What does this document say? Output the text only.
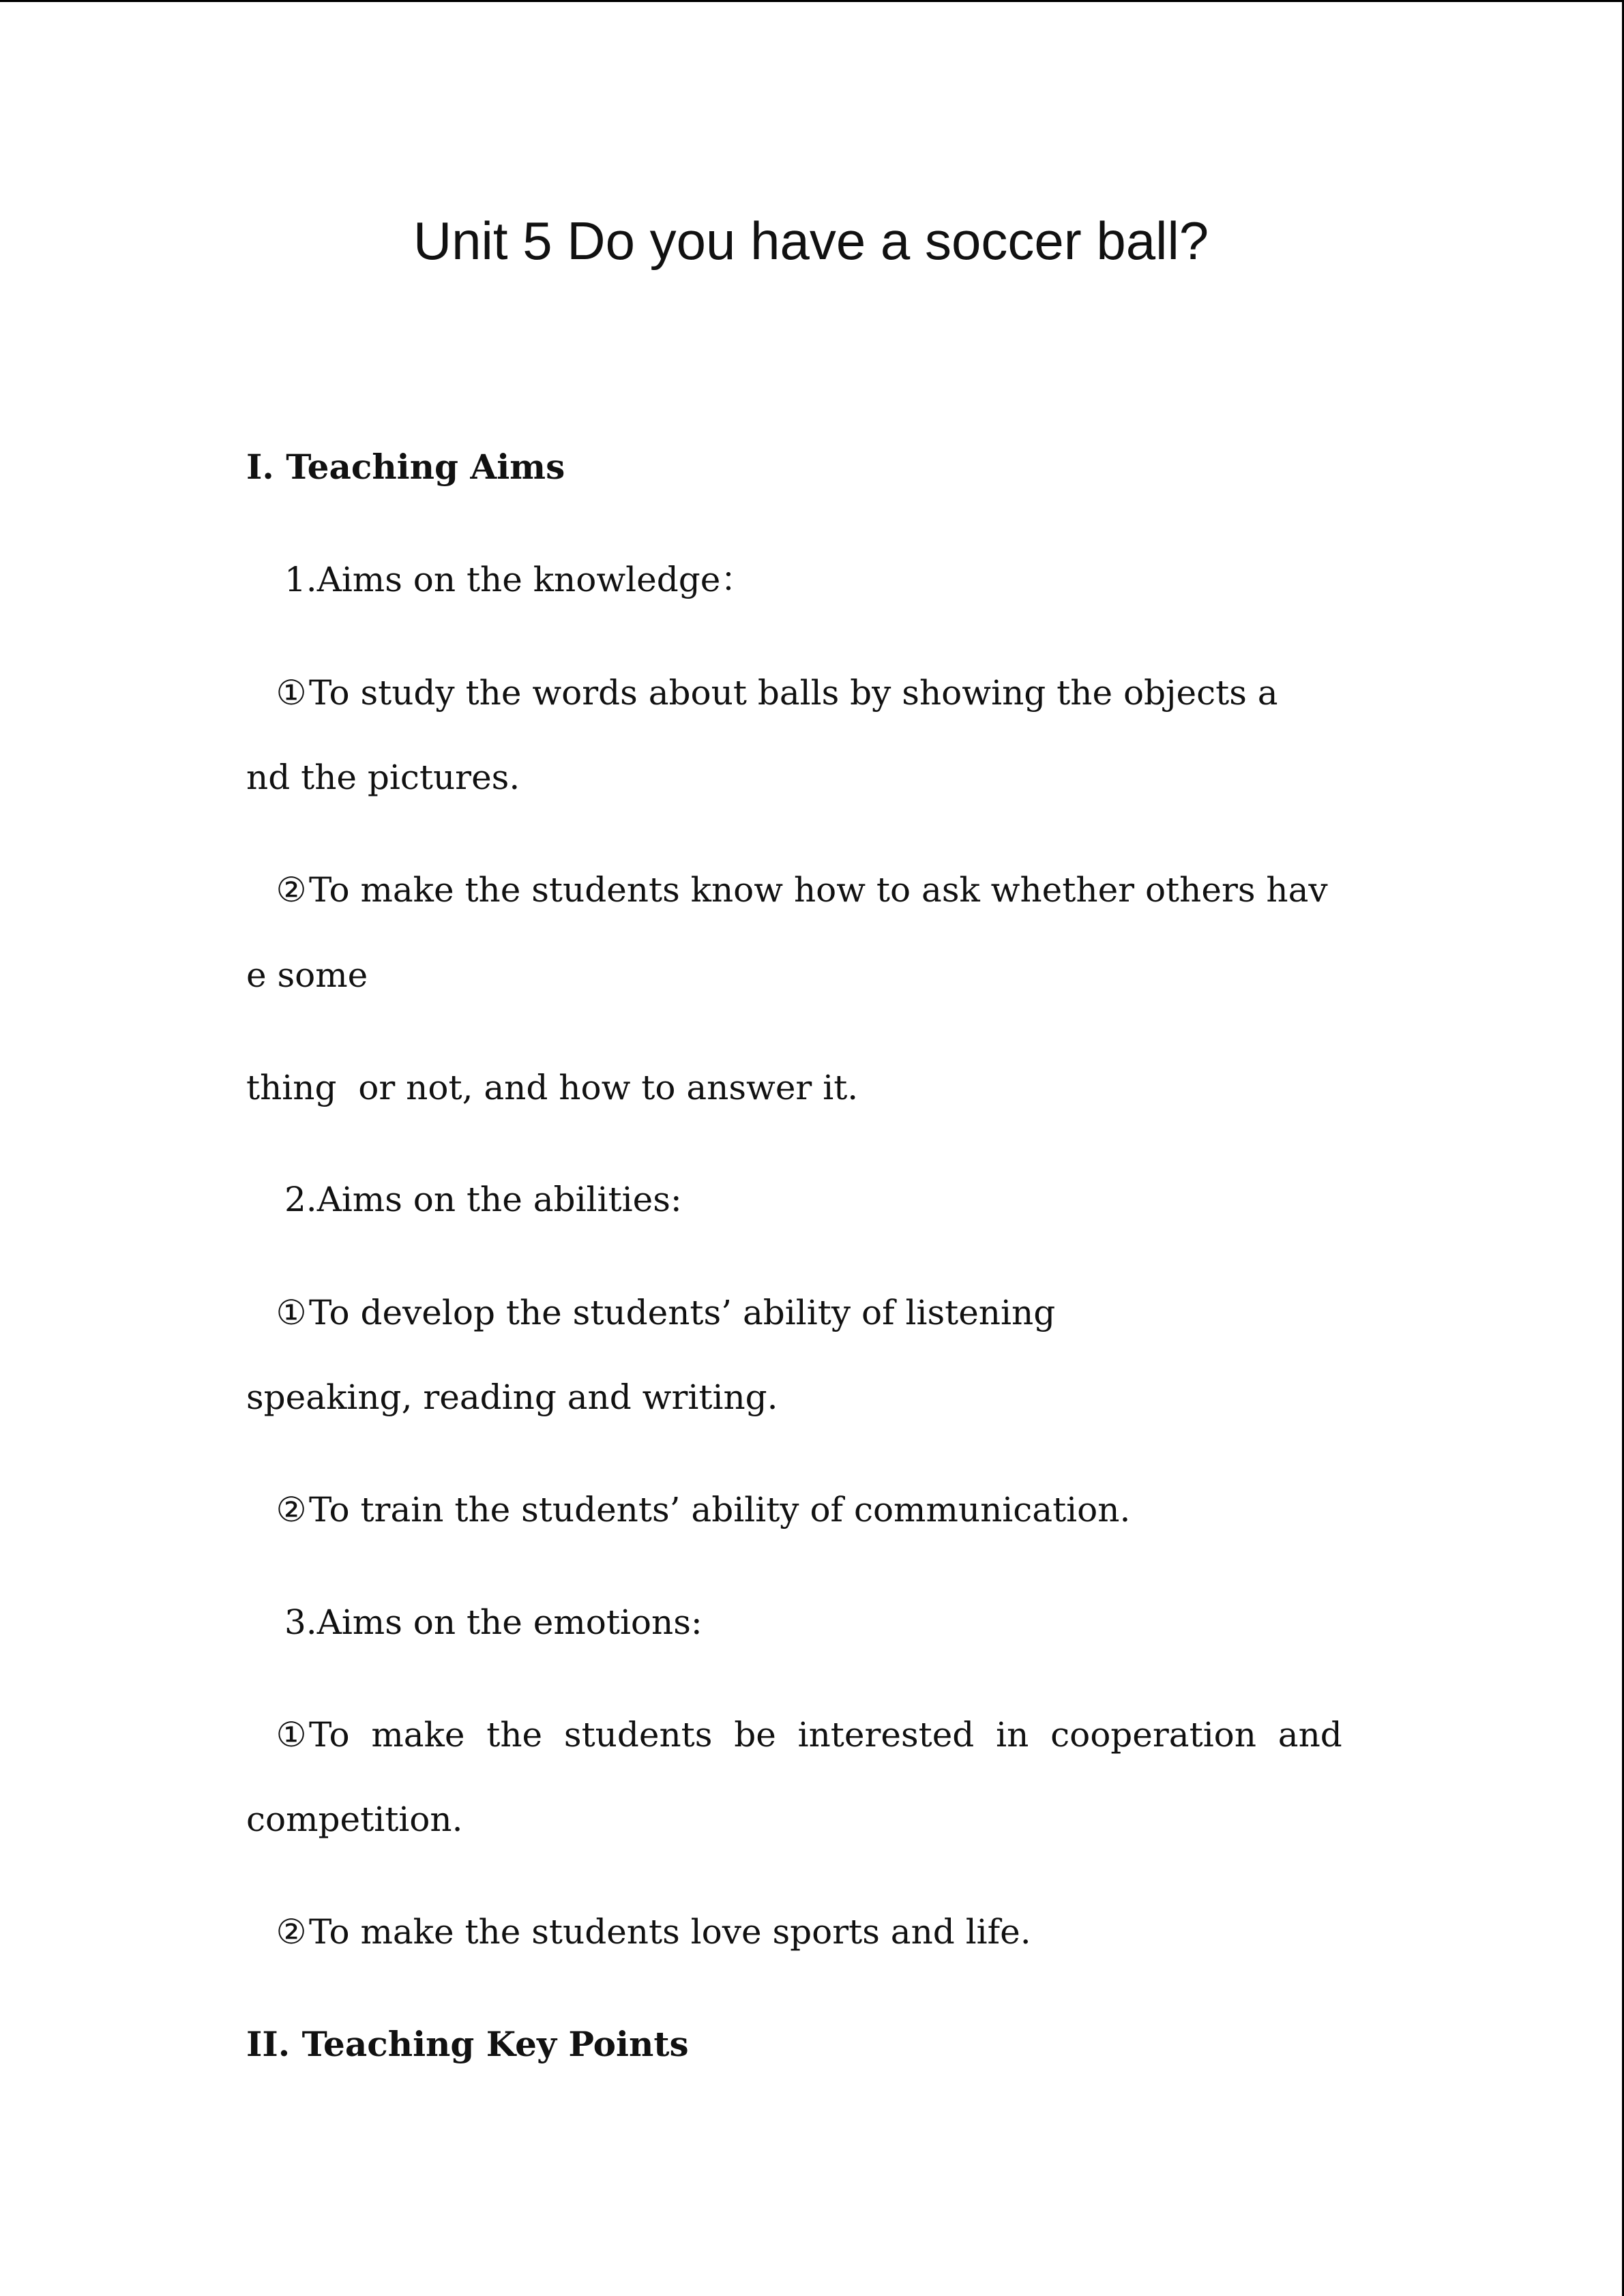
Unit 5 Do you have a soccer ball?
I. Teaching Aims
1.Aims on the knowledge：
①To study the words about balls by showing the objects a
nd the pictures.
②To make the students know how to ask whether others hav
e some
thing  or not, and how to answer it.
2.Aims on the abilities:
①To develop the students’ ability of listening
speaking, reading and writing.
②To train the students’ ability of communication.
3.Aims on the emotions:
①To  make  the  students  be  interested  in  cooperation  and
competition.
②To make the students love sports and life.
II. Teaching Key Points
